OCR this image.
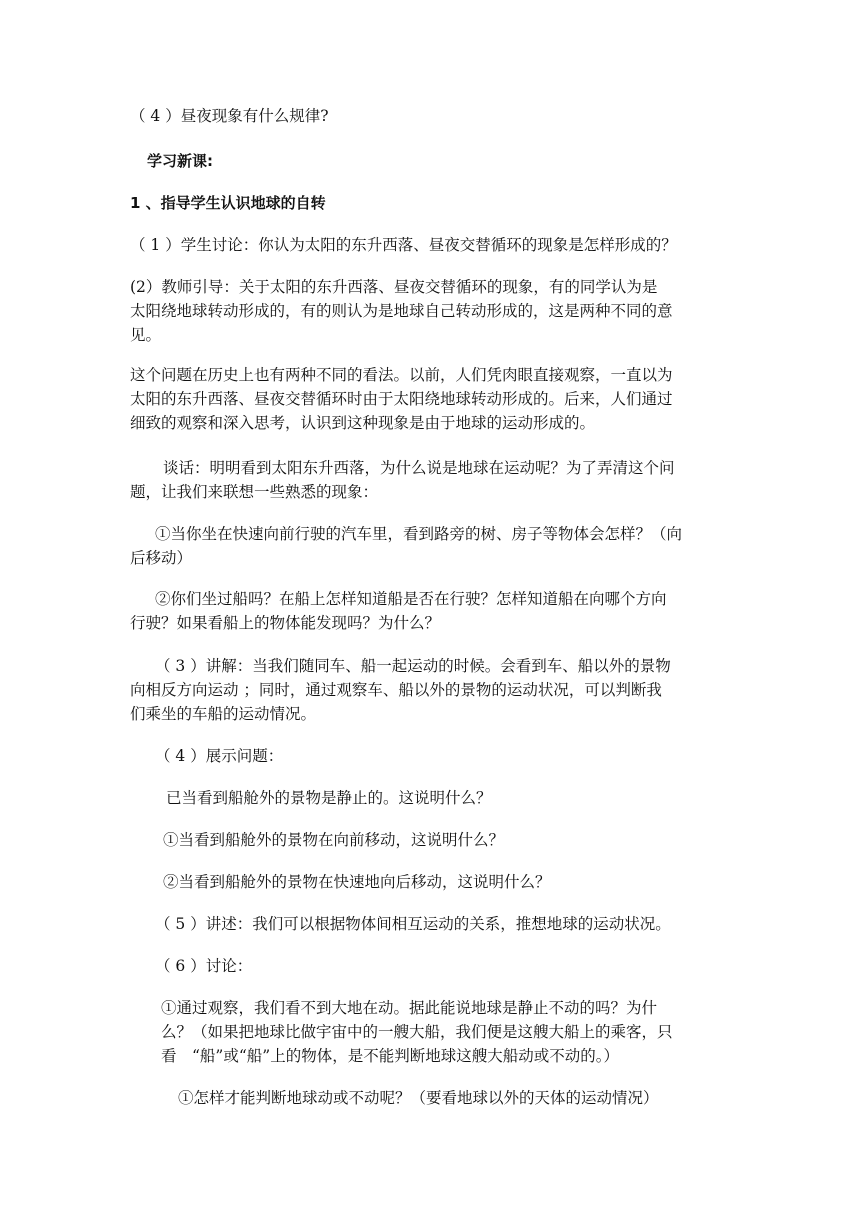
（ 4 ）昼夜现象有什么规律?
学习新课:
1 、指导学生认识地球的自转
（ 1 ）学生讨论：你认为太阳的东升西落、昼夜交替循环的现象是怎样形成的？
(2）教师引导：关于太阳的东升西落、昼夜交替循环的现象，有的同学认为是
太阳绕地球转动形成的，有的则认为是地球自己转动形成的，这是两种不同的意
见。
这个问题在历史上也有两种不同的看法。以前，人们凭肉眼直接观察，一直以为
太阳的东升西落、昼夜交替循环时由于太阳绕地球转动形成的。后来，人们通过
细致的观察和深入思考，认识到这种现象是由于地球的运动形成的。
谈话：明明看到太阳东升西落，为什么说是地球在运动呢？为了弄清这个问
题，让我们来联想一些熟悉的现象：
①当你坐在快速向前行驶的汽车里，看到路旁的树、房子等物体会怎样？（向
后移动）
②你们坐过船吗？在船上怎样知道船是否在行驶？怎样知道船在向哪个方向
行驶？如果看船上的物体能发现吗？为什么？
（ 3 ）讲解：当我们随同车、船一起运动的时候。会看到车、船以外的景物
向相反方向运动 ；同时，通过观察车、船以外的景物的运动状况，可以判断我
们乘坐的车船的运动情况。
（ 4 ）展示问题：
已当看到船舱外的景物是静止的。这说明什么？
①当看到船舱外的景物在向前移动，这说明什么？
②当看到船舱外的景物在快速地向后移动，这说明什么？
（ 5 ）讲述：我们可以根据物体间相互运动的关系，推想地球的运动状况。
（ 6 ）讨论：
①通过观察，我们看不到大地在动。据此能说地球是静止不动的吗？为什
么？（如果把地球比做宇宙中的一艘大船，我们便是这艘大船上的乘客，只
看　“船”或“船”上的物体，是不能判断地球这艘大船动或不动的。）
①怎样才能判断地球动或不动呢？（要看地球以外的天体的运动情况）
